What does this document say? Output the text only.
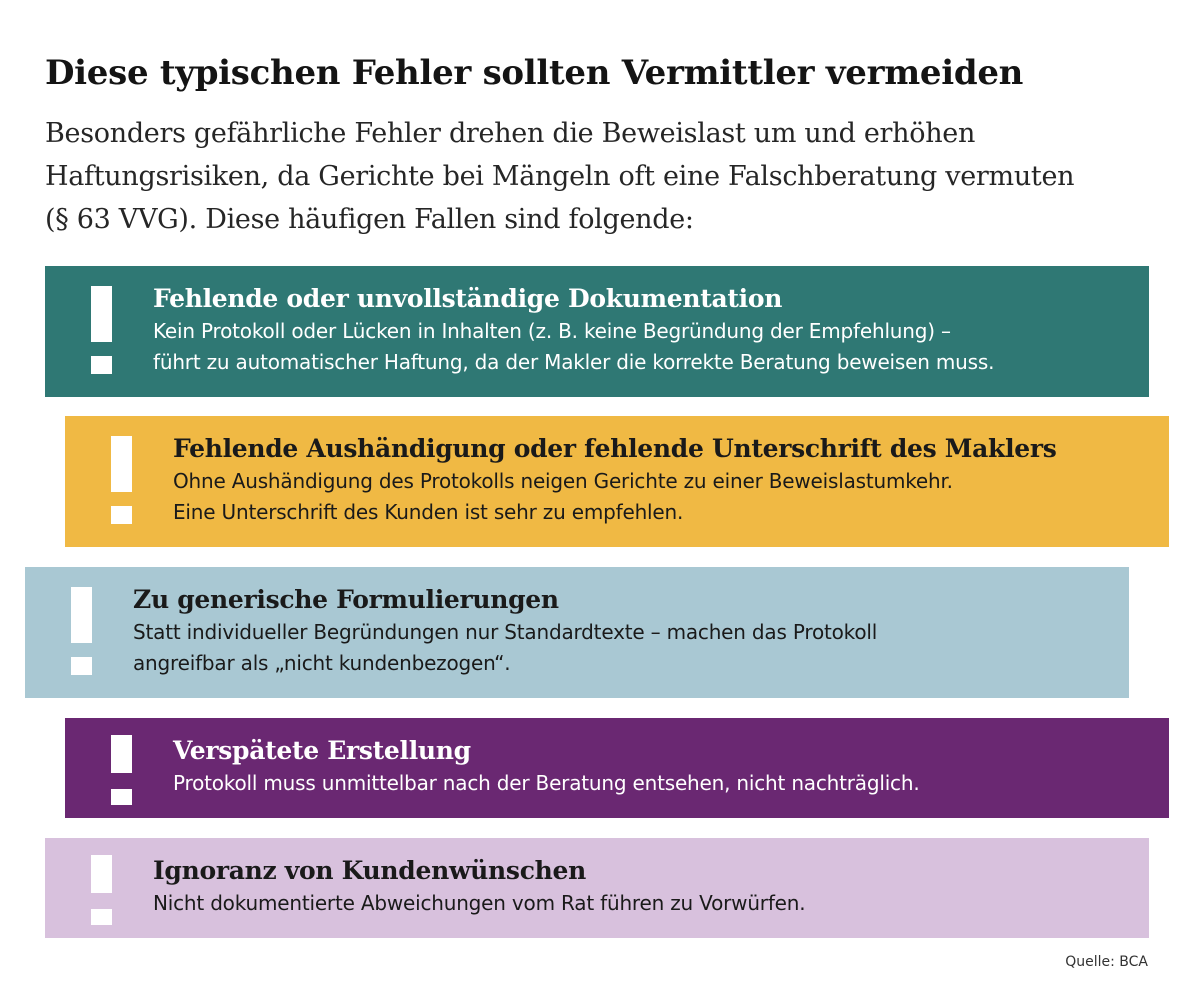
Diese typischen Fehler sollten Vermittler vermeiden

Besonders gefährliche Fehler drehen die Beweislast um und erhöhen
Haftungsrisiken, da Gerichte bei Mängeln oft eine Falschberatung vermuten
(§ 63 VVG). Diese häufigen Fallen sind folgende:

Fehlende oder unvollständige Dokumentation
Kein Protokoll oder Lücken in Inhalten (z. B. keine Begründung der Empfehlung) –
führt zu automatischer Haftung, da der Makler die korrekte Beratung beweisen muss.
Fehlende Aushändigung oder fehlende Unterschrift des Maklers
Ohne Aushändigung des Protokolls neigen Gerichte zu einer Beweislastumkehr.
Eine Unterschrift des Kunden ist sehr zu empfehlen.
Zu generische Formulierungen
Statt individueller Begründungen nur Standardtexte – machen das Protokoll
angreifbar als „nicht kundenbezogen“.
Verspätete Erstellung
Protokoll muss unmittelbar nach der Beratung entsehen, nicht nachträglich.
Ignoranz von Kundenwünschen
Nicht dokumentierte Abweichungen vom Rat führen zu Vorwürfen.
Quelle: BCA
